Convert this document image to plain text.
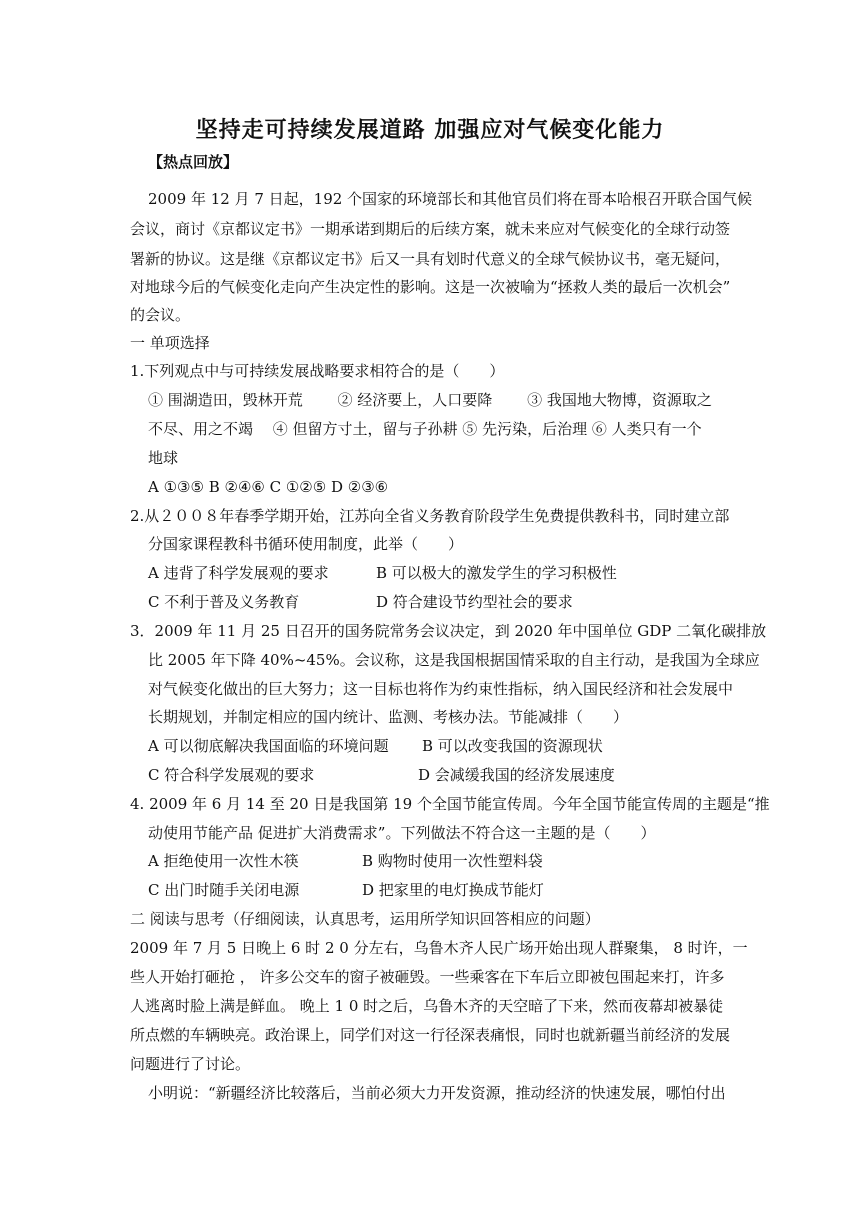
坚持走可持续发展道路 加强应对气候变化能力
【热点回放】
2009 年 12 月 7 日起，192 个国家的环境部长和其他官员们将在哥本哈根召开联合国气候
会议，商讨《京都议定书》一期承诺到期后的后续方案，就未来应对气候变化的全球行动签
署新的协议。这是继《京都议定书》后又一具有划时代意义的全球气候协议书，毫无疑问，
对地球今后的气候变化走向产生决定性的影响。这是一次被喻为“拯救人类的最后一次机会”
的会议。
一 单项选择
1.下列观点中与可持续发展战略要求相符合的是（　　）
① 围湖造田，毁林开荒　　 ② 经济要上，人口要降　　 ③ 我国地大物博，资源取之
不尽、用之不竭　 ④ 但留方寸土，留与子孙耕 ⑤ 先污染，后治理 ⑥ 人类只有一个
地球
A ①③⑤ B ②④⑥ C ①②⑤ D ②③⑥
2.从２００８年春季学期开始，江苏向全省义务教育阶段学生免费提供教科书，同时建立部
分国家课程教科书循环使用制度，此举（　　）
A 违背了科学发展观的要求	B 可以极大的激发学生的学习积极性
C 不利于普及义务教育	D 符合建设节约型社会的要求
3．2009 年 11 月 25 日召开的国务院常务会议决定，到 2020 年中国单位 GDP 二氧化碳排放
比 2005 年下降 40%~45%。会议称，这是我国根据国情采取的自主行动，是我国为全球应
对气候变化做出的巨大努力；这一目标也将作为约束性指标，纳入国民经济和社会发展中
长期规划，并制定相应的国内统计、监测、考核办法。节能减排（　　）
A 可以彻底解决我国面临的环境问题	B 可以改变我国的资源现状
C 符合科学发展观的要求	D 会减缓我国的经济发展速度
4. 2009 年 6 月 14 至 20 日是我国第 19 个全国节能宣传周。今年全国节能宣传周的主题是“推
动使用节能产品 促进扩大消费需求”。下列做法不符合这一主题的是（　　）
A 拒绝使用一次性木筷	B 购物时使用一次性塑料袋
C 出门时随手关闭电源	D 把家里的电灯换成节能灯
二 阅读与思考（仔细阅读，认真思考，运用所学知识回答相应的问题）
2009 年 7 月 5 日晚上 6 时 2 0 分左右，乌鲁木齐人民广场开始出现人群聚集， 8 时许，一
些人开始打砸抢 ， 许多公交车的窗子被砸毁。一些乘客在下车后立即被包围起来打，许多
人逃离时脸上满是鲜血。 晚上 1 0 时之后，乌鲁木齐的天空暗了下来，然而夜幕却被暴徒
所点燃的车辆映亮。政治课上，同学们对这一行径深表痛恨，同时也就新疆当前经济的发展
问题进行了讨论。
小明说：“新疆经济比较落后，当前必须大力开发资源，推动经济的快速发展，哪怕付出
